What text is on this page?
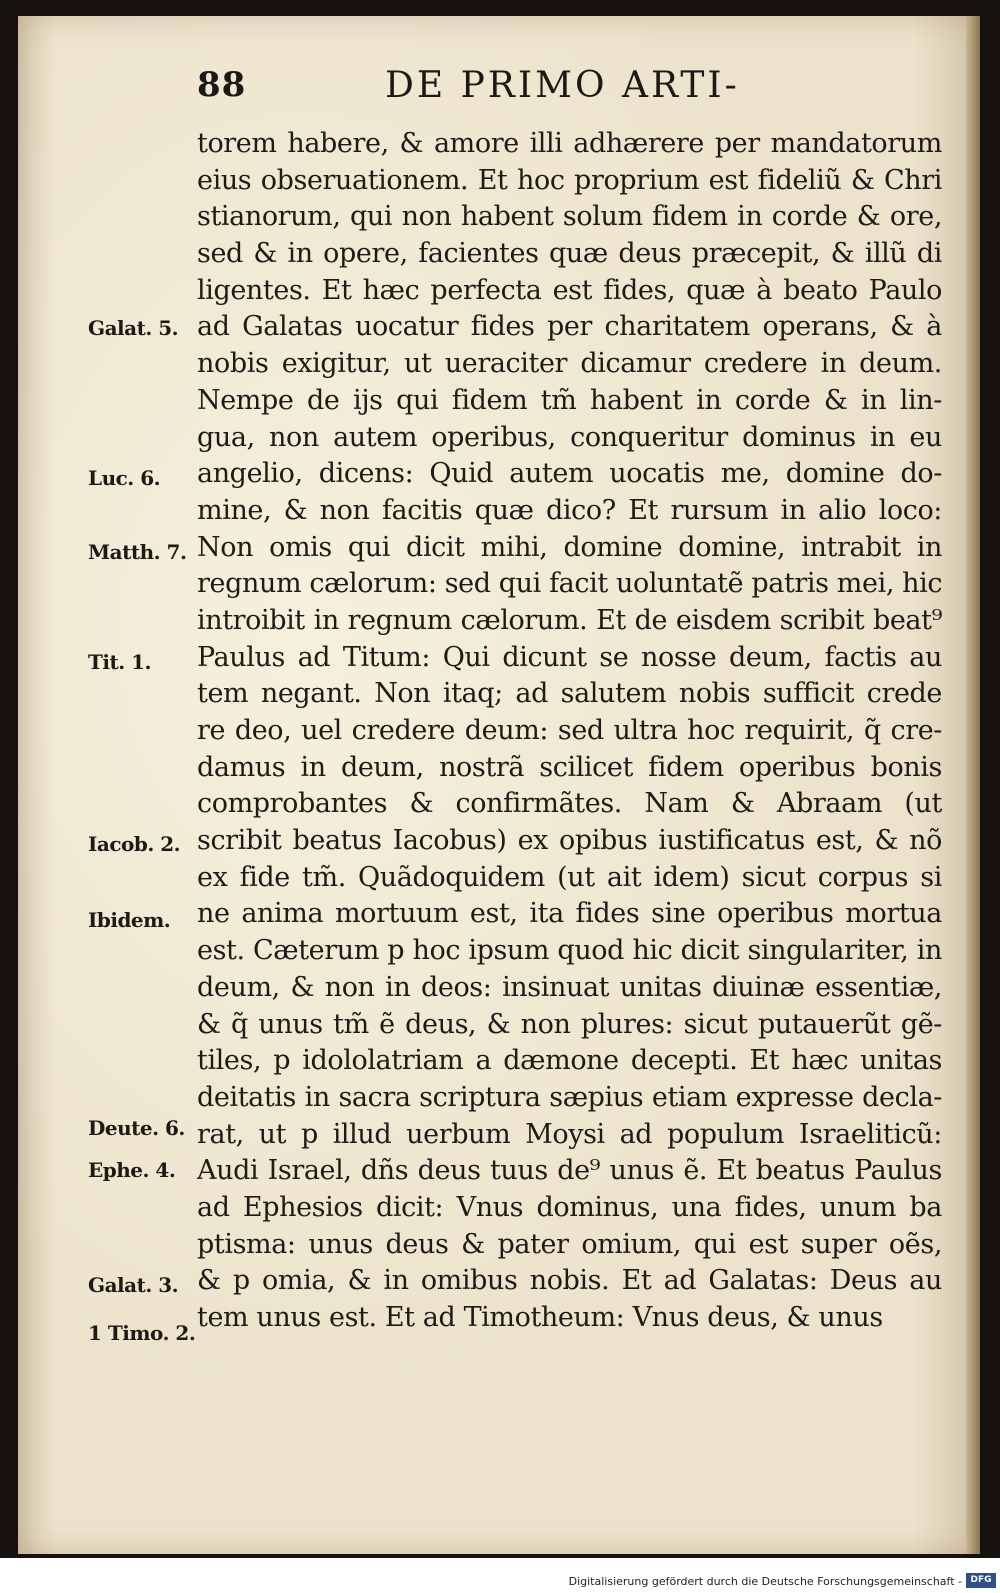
88	DE PRIMO ARTI-
torem habere, & amore illi adhærere per mandatorum
eius obseruationem. Et hoc proprium est fideliũ & Chri
stianorum, qui non habent solum fidem in corde & ore,
sed & in opere, facientes quæ deus præcepit, & illũ di
ligentes. Et hæc perfecta est fides, quæ à beato Paulo
ad Galatas uocatur fides per charitatem operans, & à
nobis exigitur, ut ueraciter dicamur credere in deum.
Nempe de ijs qui fidem tm̃ habent in corde & in lin-
gua, non autem operibus, conqueritur dominus in eu
angelio, dicens: Quid autem uocatis me, domine do-
mine, & non facitis quæ dico? Et rursum in alio loco:
Non omis qui dicit mihi, domine domine, intrabit in
regnum cælorum: sed qui facit uoluntatẽ patris mei, hic
introibit in regnum cælorum. Et de eisdem scribit beat⁹
Paulus ad Titum: Qui dicunt se nosse deum, factis au
tem negant. Non itaq; ad salutem nobis sufficit crede
re deo, uel credere deum: sed ultra hoc requirit, q̃ cre-
damus in deum, nostrã scilicet fidem operibus bonis
comprobantes & confirmãtes. Nam & Abraam (ut
scribit beatus Iacobus) ex opibus iustificatus est, & nõ
ex fide tm̃. Quãdoquidem (ut ait idem) sicut corpus si
ne anima mortuum est, ita fides sine operibus mortua
est. Cæterum p hoc ipsum quod hic dicit singulariter, in
deum, & non in deos: insinuat unitas diuinæ essentiæ,
& q̃ unus tm̃ ẽ deus, & non plures: sicut putauerũt gẽ-
tiles, p idololatriam a dæmone decepti. Et hæc unitas
deitatis in sacra scriptura sæpius etiam expresse decla-
rat, ut p illud uerbum Moysi ad populum Israeliticũ:
Audi Israel, dñs deus tuus de⁹ unus ẽ. Et beatus Paulus
ad Ephesios dicit: Vnus dominus, una fides, unum ba
ptisma: unus deus & pater omium, qui est super oẽs,
& p omia, & in omibus nobis. Et ad Galatas: Deus au
tem unus est. Et ad Timotheum: Vnus deus, & unus
Galat. 5.
Luc. 6.
Matth. 7.
Tit. 1.
Iacob. 2.
Ibidem.
Deute. 6.
Ephe. 4.
Galat. 3.
1 Timo. 2.
Digitalisierung gefördert durch die Deutsche Forschungsgemeinschaft - DFG
